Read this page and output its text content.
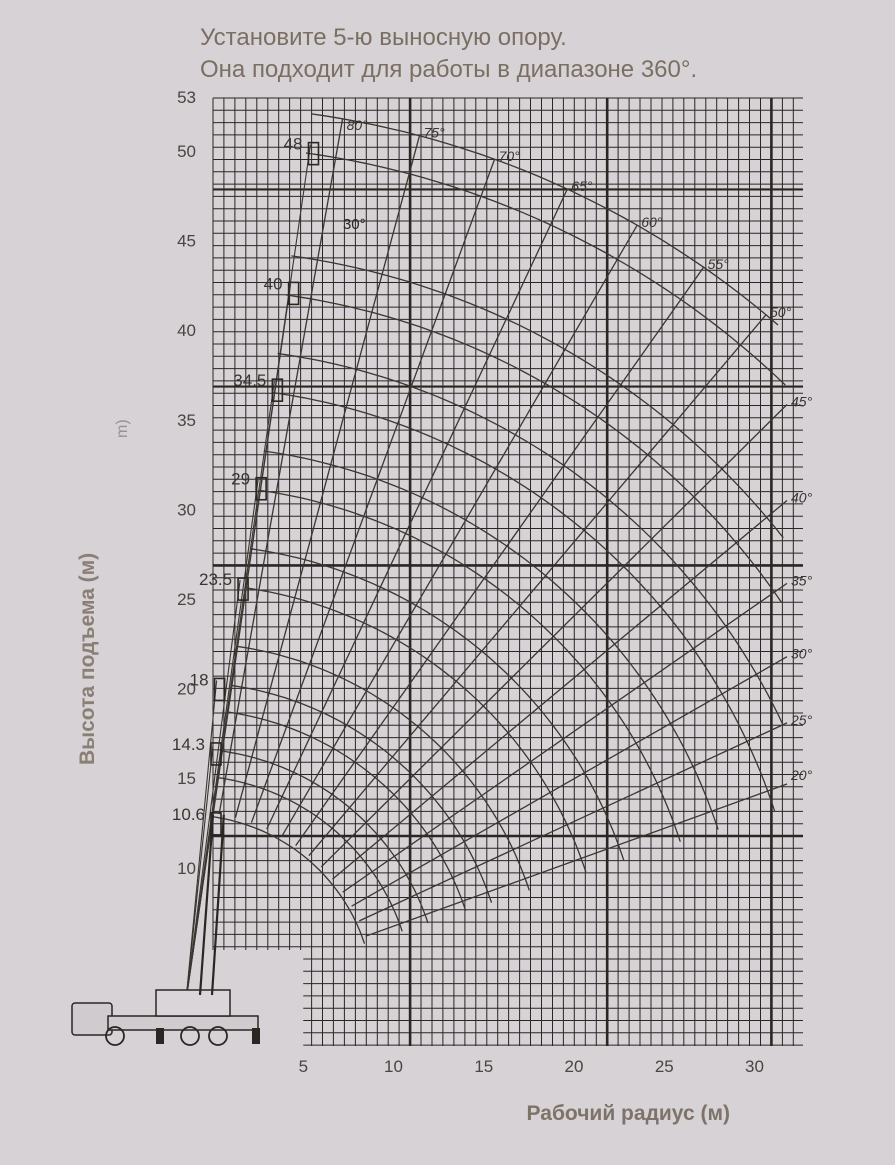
Установите 5-ю выносную опору.
Она подходит для работы в диапазоне 360°.
10
15
20
25
30
35
40
45
50
53
5	10	15	20	25	30
80°	75°
70°
65°
60°
55°
50°
45°
40°
35°
30°
25°
20°
10.6
14.3
18
23.5
29
34.5
40
48
30°
m)
Высота подъема (м)
Рабочий радиус (м)
